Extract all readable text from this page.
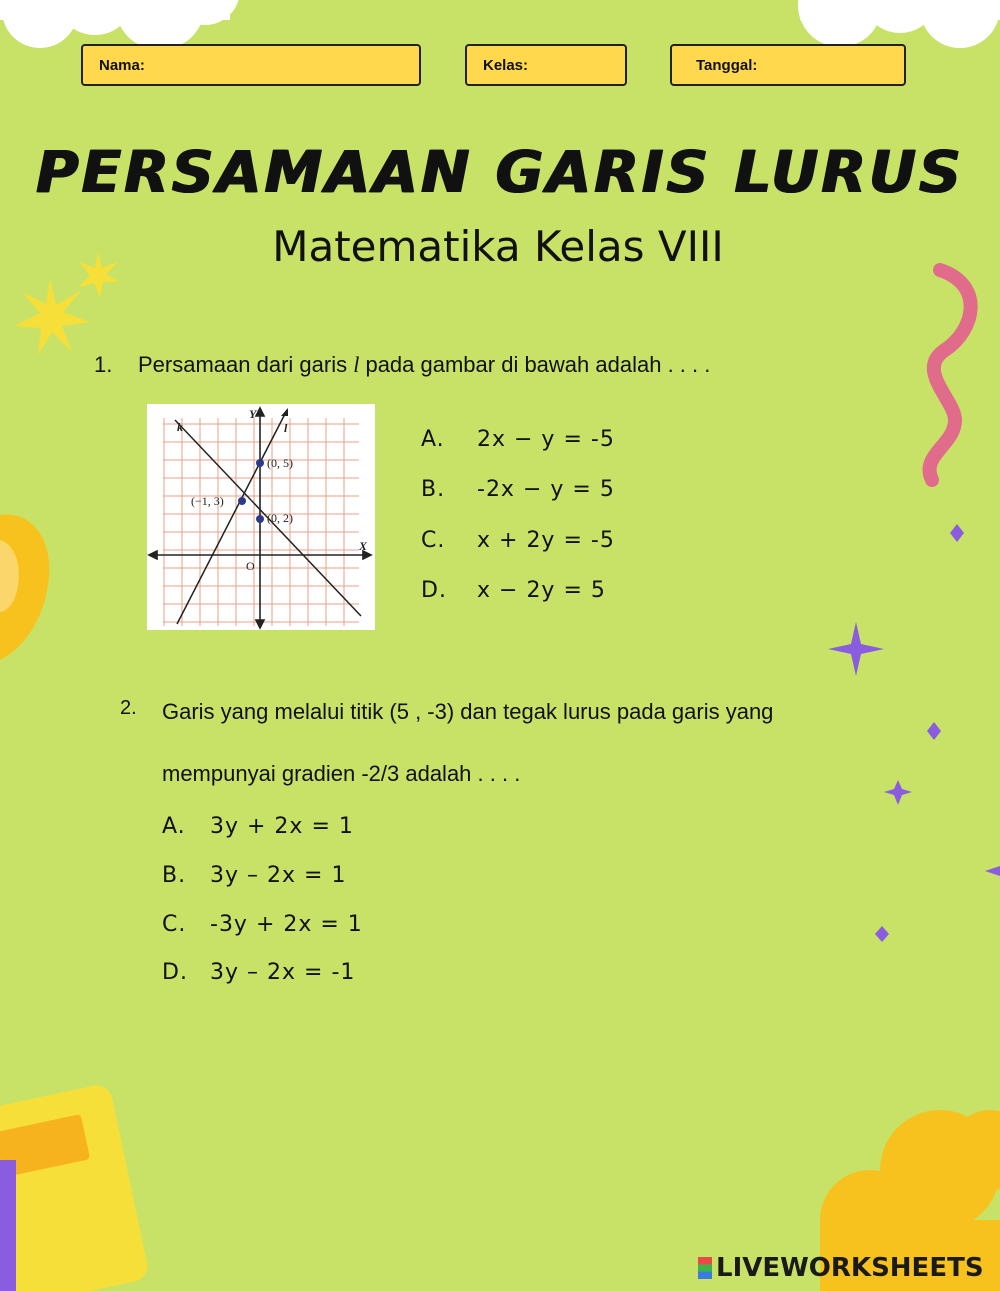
Nama:	Kelas:	Tanggal:
PERSAMAAN GARIS LURUS
Matematika Kelas VIII
1. Persamaan dari garis l pada gambar di bawah adalah . . . .
Y
X
O
k	l
(0, 5)
(−1, 3)
(0, 2)
A. 2x − y = -5
B. -2x − y = 5
C. x + 2y = -5
D. x − 2y = 5
2. Garis yang melalui titik (5 , -3) dan tegak lurus pada garis yang
mempunyai gradien -2/3 adalah . . . .
A. 3y + 2x = 1
B. 3y – 2x = 1
C. -3y + 2x = 1
D. 3y – 2x = -1
LIVEWORKSHEETS
